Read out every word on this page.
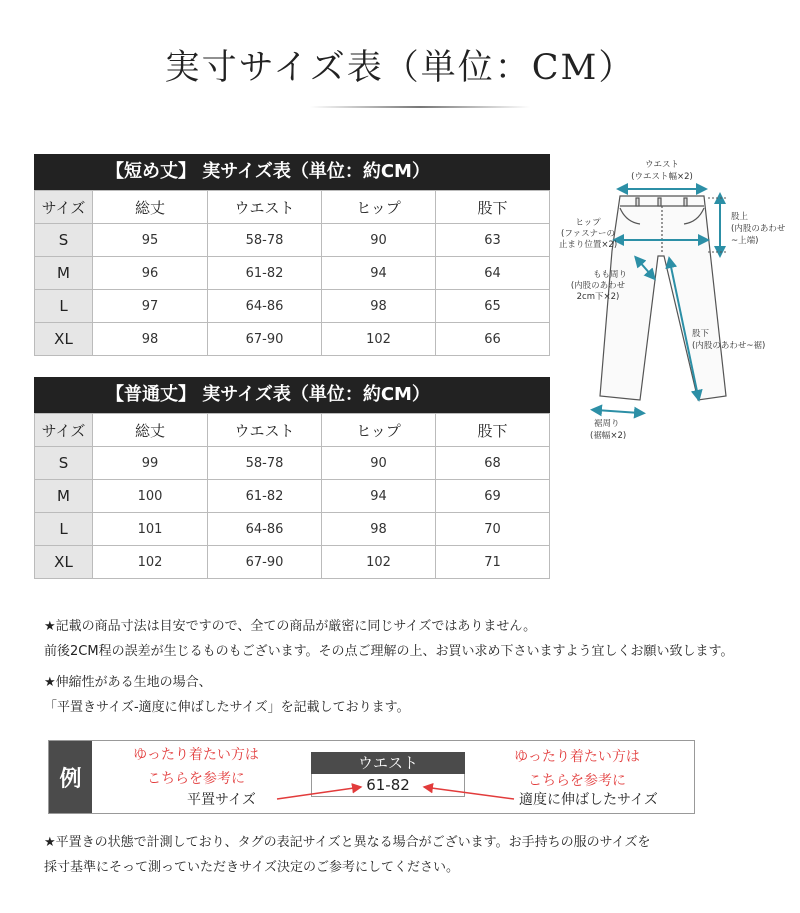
実寸サイズ表（単位：CM）
【短め丈】 実サイズ表（単位：約CM）
サイズ	総丈	ウエスト	ヒップ	股下
S	95	58-78	90	63
M	96	61-82	94	64
L	97	64-86	98	65
XL	98	67-90	102	66
【普通丈】 実サイズ表（単位：約CM）
サイズ	総丈	ウエスト	ヒップ	股下
S	99	58-78	90	68
M	100	61-82	94	69
L	101	64-86	98	70
XL	102	67-90	102	71
ウエスト
(ウエスト幅×2)
ヒップ
(ファスナーの
止まり位置×2)
股上
(内股のあわせ
~上端)
もも周り
(内股のあわせ
2cm下×2)
股下
(内股のあわせ~裾)
裾周り
(裾幅×2)
★記載の商品寸法は目安ですので、全ての商品が厳密に同じサイズではありません。
前後2CM程の誤差が生じるものもございます。その点ご理解の上、お買い求め下さいますよう宜しくお願い致します。
★伸縮性がある生地の場合、
「平置きサイズ-適度に伸ばしたサイズ」を記載しております。
例
ゆったり着たい方は
こちらを参考に
平置サイズ
ウエスト
61-82
ゆったり着たい方は
こちらを参考に
適度に伸ばしたサイズ
★平置きの状態で計測しており、タグの表記サイズと異なる場合がございます。お手持ちの服のサイズを
採寸基準にそって測っていただきサイズ決定のご参考にしてください。
